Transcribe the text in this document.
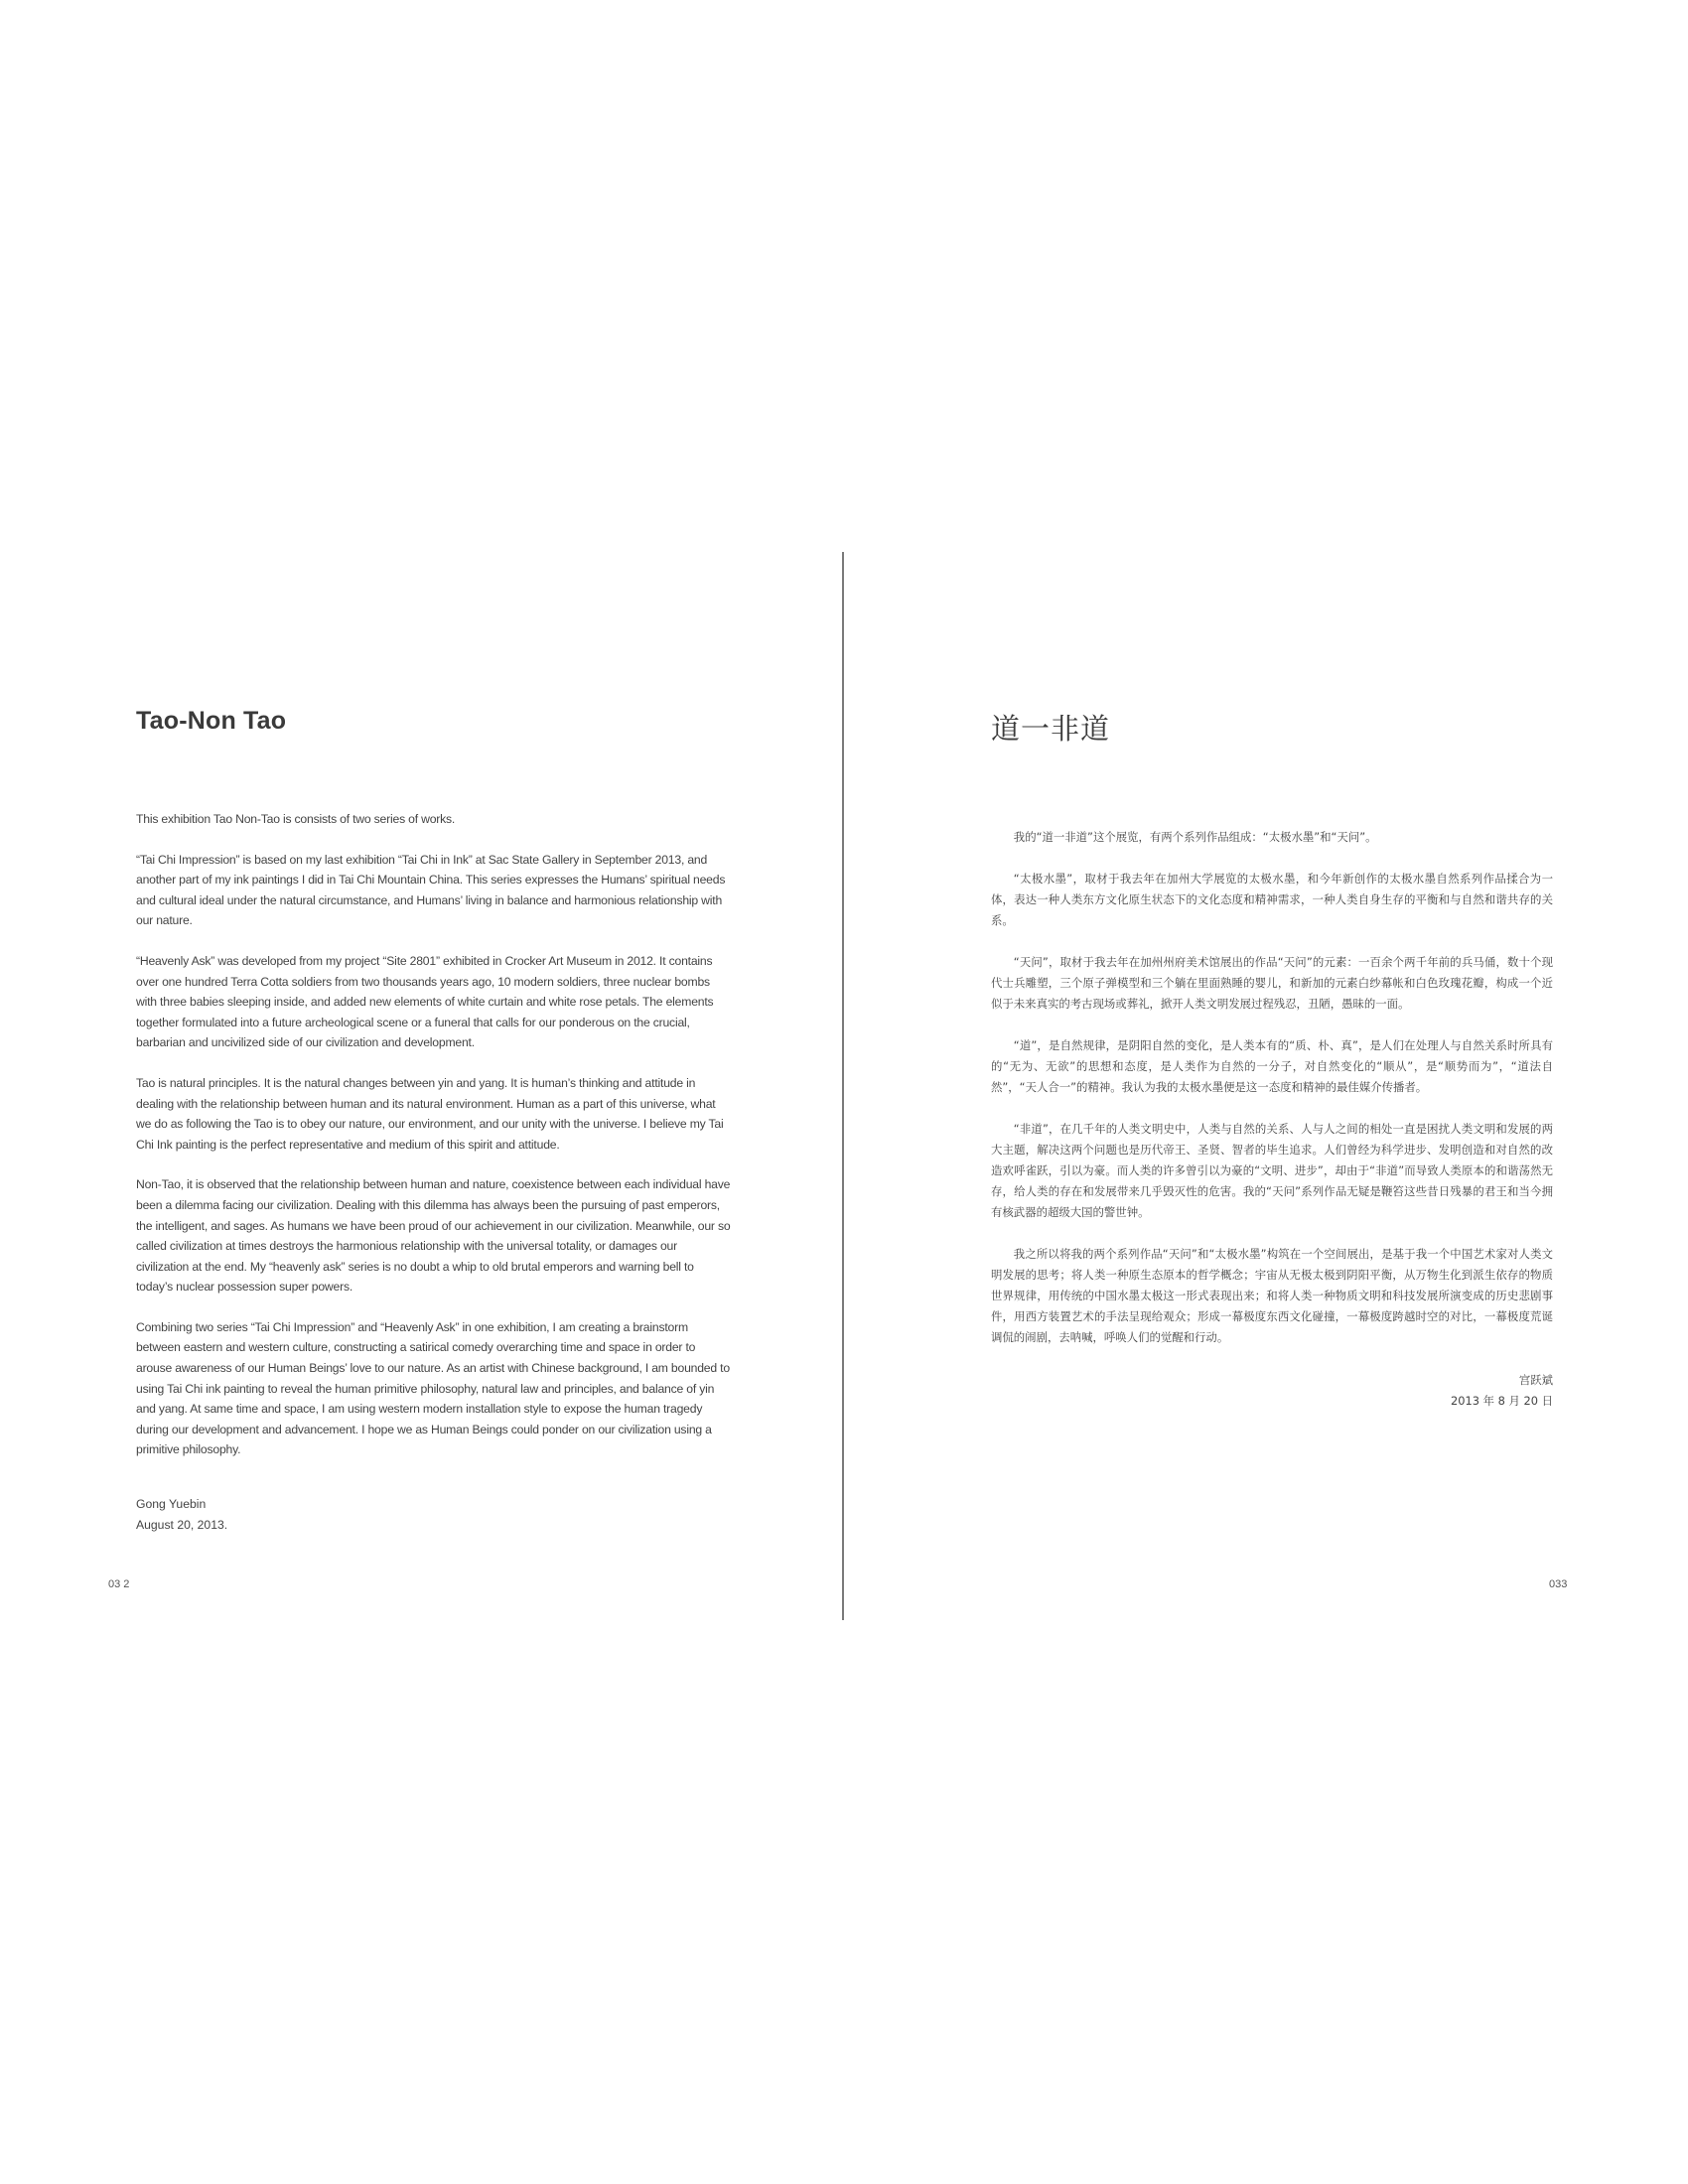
Tao-Non Tao

This exhibition Tao Non-Tao is consists of two series of works.

“Tai Chi Impression” is based on my last exhibition “Tai Chi in Ink” at Sac State Gallery in September 2013, and another part of my ink paintings I did in Tai Chi Mountain China. This series expresses the Humans’ spiritual needs and cultural ideal under the natural circumstance, and Humans’ living in balance and harmonious relationship with our nature.

“Heavenly Ask” was developed from my project “Site 2801” exhibited in Crocker Art Museum in 2012. It contains over one hundred Terra Cotta soldiers from two thousands years ago, 10 modern soldiers, three nuclear bombs with three babies sleeping inside, and added new elements of white curtain and white rose petals. The elements together formulated into a future archeological scene or a funeral that calls for our ponderous on the crucial, barbarian and uncivilized side of our civilization and development.

Tao is natural principles. It is the natural changes between yin and yang. It is human’s thinking and attitude in dealing with the relationship between human and its natural environment. Human as a part of this universe, what we do as following the Tao is to obey our nature, our environment, and our unity with the universe. I believe my Tai Chi Ink painting is the perfect representative and medium of this spirit and attitude.

Non-Tao, it is observed that the relationship between human and nature, coexistence between each individual have been a dilemma facing our civilization. Dealing with this dilemma has always been the pursuing of past emperors, the intelligent, and sages. As humans we have been proud of our achievement in our civilization. Meanwhile, our so called civilization at times destroys the harmonious relationship with the universal totality, or damages our civilization at the end. My “heavenly ask” series is no doubt a whip to old brutal emperors and warning bell to today’s nuclear possession super powers.

Combining two series “Tai Chi Impression” and “Heavenly Ask” in one exhibition, I am creating a brainstorm between eastern and western culture, constructing a satirical comedy overarching time and space in order to arouse awareness of our Human Beings’ love to our nature. As an artist with Chinese background, I am bounded to using Tai Chi ink painting to reveal the human primitive philosophy, natural law and principles, and balance of yin and yang. At same time and space, I am using western modern installation style to expose the human tragedy during our development and advancement. I hope we as Human Beings could ponder on our civilization using a primitive philosophy.

Gong Yuebin
August 20, 2013.
道一非道

我的“道一非道”这个展览，有两个系列作品组成：“太极水墨”和“天问”。

“太极水墨”，取材于我去年在加州大学展览的太极水墨，和今年新创作的太极水墨自然系列作品揉合为一体，表达一种人类东方文化原生状态下的文化态度和精神需求，一种人类自身生存的平衡和与自然和谐共存的关系。

“天问”，取材于我去年在加州州府美术馆展出的作品“天问”的元素：一百余个两千年前的兵马俑，数十个现代士兵雕塑，三个原子弹模型和三个躺在里面熟睡的婴儿，和新加的元素白纱幕帐和白色玫瑰花瓣，构成一个近似于未来真实的考古现场或葬礼，掀开人类文明发展过程残忍，丑陋，愚昧的一面。

“道”，是自然规律，是阴阳自然的变化，是人类本有的“质、朴、真”，是人们在处理人与自然关系时所具有的“无为、无欲”的思想和态度，是人类作为自然的一分子，对自然变化的“顺从”，是“顺势而为”，“道法自然”，“天人合一”的精神。我认为我的太极水墨便是这一态度和精神的最佳媒介传播者。

“非道”，在几千年的人类文明史中，人类与自然的关系、人与人之间的相处一直是困扰人类文明和发展的两大主题，解决这两个问题也是历代帝王、圣贤、智者的毕生追求。人们曾经为科学进步、发明创造和对自然的改造欢呼雀跃，引以为豪。而人类的许多曾引以为豪的“文明、进步”，却由于“非道”而导致人类原本的和谐荡然无存，给人类的存在和发展带来几乎毁灭性的危害。我的“天问”系列作品无疑是鞭笞这些昔日残暴的君王和当今拥有核武器的超级大国的警世钟。

我之所以将我的两个系列作品“天问”和“太极水墨”构筑在一个空间展出，是基于我一个中国艺术家对人类文明发展的思考；将人类一种原生态原本的哲学概念；宇宙从无极太极到阴阳平衡，从万物生化到派生依存的物质世界规律，用传统的中国水墨太极这一形式表现出来；和将人类一种物质文明和科技发展所演变成的历史悲剧事件，用西方装置艺术的手法呈现给观众；形成一幕极度东西文化碰撞，一幕极度跨越时空的对比，一幕极度荒诞调侃的闹剧，去呐喊，呼唤人们的觉醒和行动。

宫跃斌
2013 年 8 月 20 日
03 2	033
